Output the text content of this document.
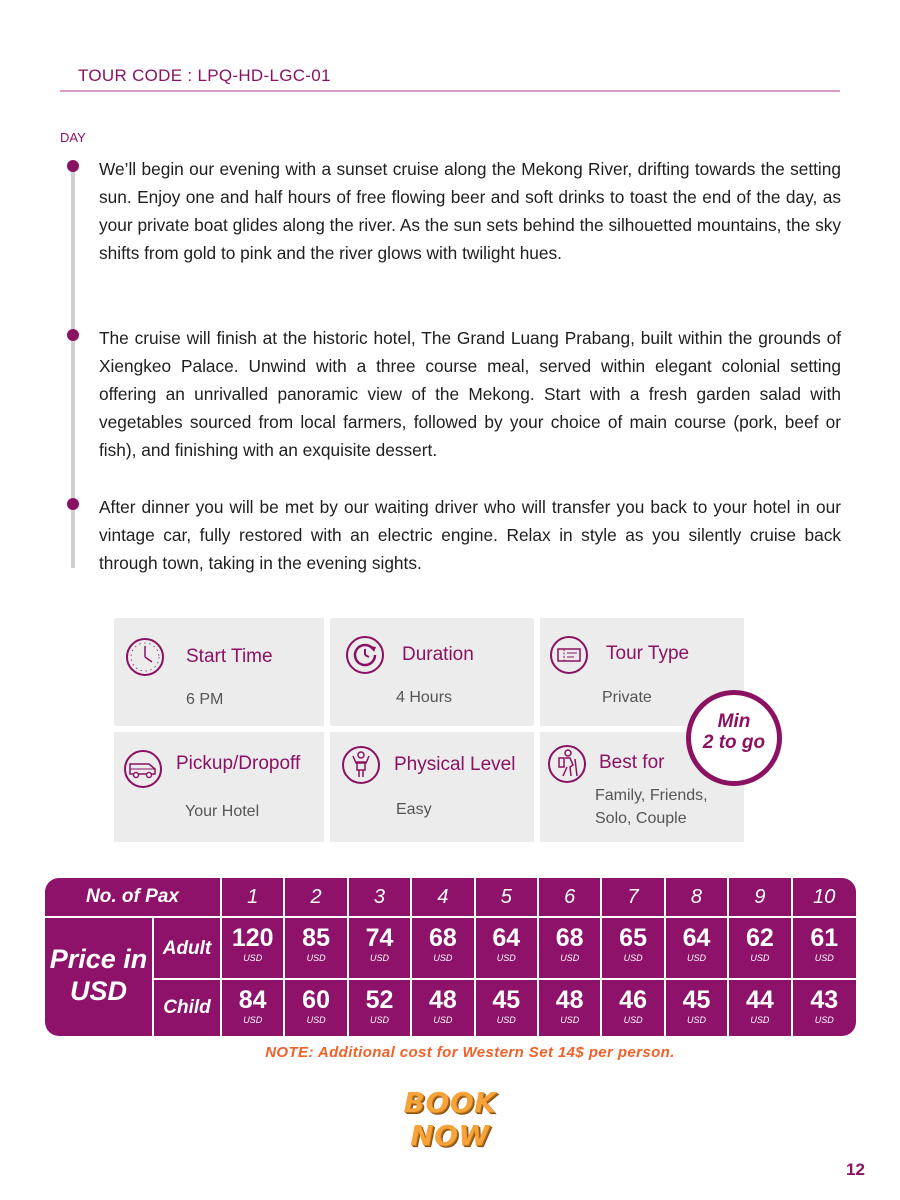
TOUR CODE : LPQ-HD-LGC-01
DAY

We’ll begin our evening with a sunset cruise along the Mekong River, drifting towards the setting sun. Enjoy one and half hours of free flowing beer and soft drinks to toast the end of the day, as your private boat glides along the river. As the sun sets behind the silhouetted mountains, the sky shifts from gold to pink and the river glows with twilight hues.

The cruise will finish at the historic hotel, The Grand Luang Prabang, built within the grounds of Xiengkeo Palace. Unwind with a three course meal, served within elegant colonial setting offering an unrivalled panoramic view of the Mekong. Start with a fresh garden salad with vegetables sourced from local farmers, followed by your choice of main course (pork, beef or fish), and finishing with an exquisite dessert.

After dinner you will be met by our waiting driver who will transfer you back to your hotel in our vintage car, fully restored with an electric engine. Relax in style as you silently cruise back through town, taking in the evening sights.

Start Time
6 PM
Duration
4 Hours
Tour Type
Private
Pickup/Dropoff
Your Hotel
Physical Level
Easy
Best for
Family, Friends,
Solo, Couple
Min
2 to go
No. of Pax
Price in
USD
Adult
Child
1
120
USD
84
USD
2
85
USD
60
USD
3
74
USD
52
USD
4
68
USD
48
USD
5
64
USD
45
USD
6
68
USD
48
USD
7
65
USD
46
USD
8
64
USD
45
USD
9
62
USD
44
USD
10
61
USD
43
USD
NOTE: Additional cost for Western Set 14$ per person.
BOOK NOW
12
